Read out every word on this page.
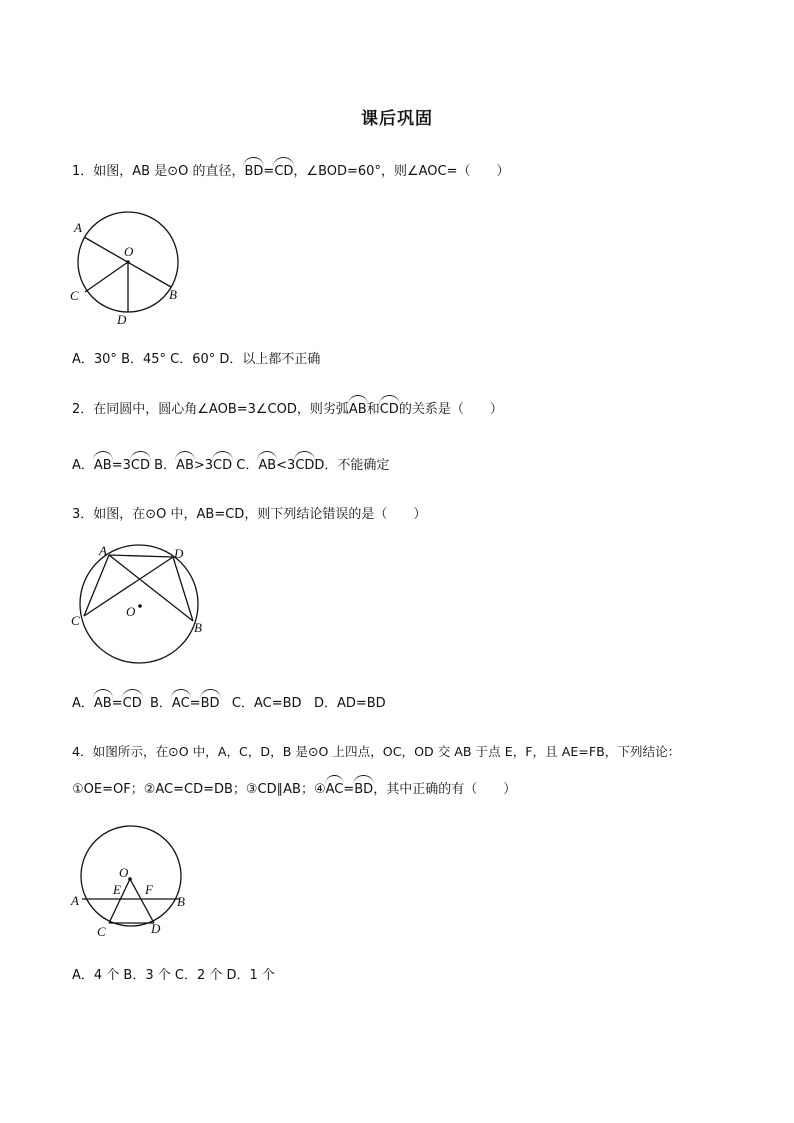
课后巩固
1．如图，AB 是⊙O 的直径，BD=CD，∠BOD=60°，则∠AOC=（　　）
A
O
C	B
D
A．30° B．45° C．60° D．以上都不正确
2．在同圆中，圆心角∠AOB=3∠COD，则劣弧AB和CD的关系是（　　）
A．AB=3CD B．AB>3CD C．AB<3CDD．不能确定
3．如图，在⊙O 中，AB=CD，则下列结论错误的是（　　）
A	D
O
C	B
A．AB=CD B．AC=BD C．AC=BD D．AD=BD
4．如图所示，在⊙O 中，A，C，D，B 是⊙O 上四点，OC，OD 交 AB 于点 E，F，且 AE=FB，下列结论：
①OE=OF；②AC=CD=DB；③CD∥AB；④AC=BD，其中正确的有（　　）
O
E F
A	B
C	D
A．4 个 B．3 个 C．2 个 D．1 个
